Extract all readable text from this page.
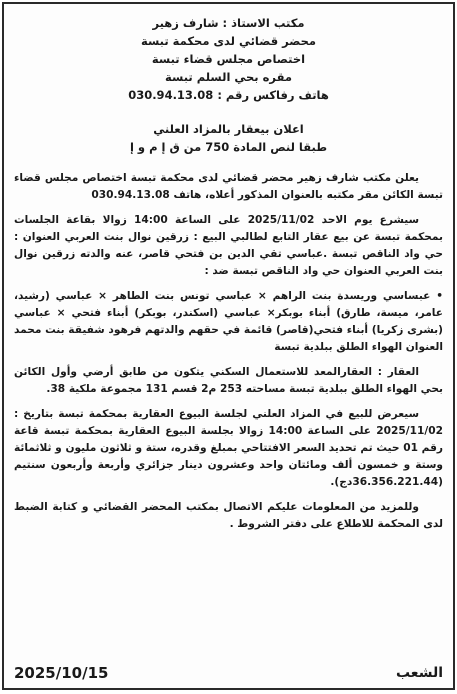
مكتب الاستاذ : شارف زهير
محضر قضائي لدى محكمة تبسة
اختصاص مجلس قضاء تبسة
مقره بحي السلم تبسة
هاتف رفاكس رقم : 030.94.13.08
اعلان بيعقار بالمزاد العلني
طبقا لنص المادة 750 من ق إ م و إ

يعلن مكتب شارف زهير محضر قضائي لدى محكمة تبسة اختصاص مجلس قضاء تبسة الكائن مقر مكتبه بالعنوان المذكور أعلاه، هاتف 030.94.13.08

سيشرع يوم الاحد 2025/11/02 على الساعة 14:00 زوالا بقاعة الجلسات بمحكمة تبسة عن بيع عقار التابع لطالبي البيع : زرقين نوال بنت العربي العنوان : حي واد الناقص تبسة .عباسي تقي الدين بن فتحي قاصر، عنه والدته زرقين نوال بنت العربي العنوان حي واد الناقص تبسة ضد :

• عبساسي وريسدة بنت الراهم × عباسي تونس بنت الطاهر × عباسي (رشيد، عامر، ميسة، طارق) أبناء بوبكر× عباسي (اسكندر، بوبكر) أبناء فتحي × عباسي (بشرى زكريا) أبناء فتحي(قاصر) قائمة في حقهم والدتهم فرهود شفيقة بنت محمد العنوان الهواء الطلق ببلدية تبسة

العقار : العقارالمعد للاستعمال السكني يتكون من طابق أرضي وأول الكائن بحي الهواء الطلق ببلدية تبسة مساحته 253 م2 قسم 131 مجموعة ملكية 38.

سيعرض للبيع في المزاد العلني لجلسة البيوع العقارية بمحكمة تبسة بتاريخ : 2025/11/02 على الساعة 14:00 زوالا بجلسة البيوع العقارية بمحكمة تبسة قاعة رقم 01 حيث تم تحديد السعر الافتتاحي بمبلغ وقدره، ستة و ثلاثون مليون و ثلاثمائة وستة و خمسون ألف ومائتان واحد وعشرون دينار جزائري وأربعة وأربعون سنتيم (36.356.221.44دج).

وللمزيد من المعلومات عليكم الاتصال بمكتب المحضر القضائي و كتابة الضبط لدى المحكمة للاطلاع على دفتر الشروط .

الشعب
2025/10/15
